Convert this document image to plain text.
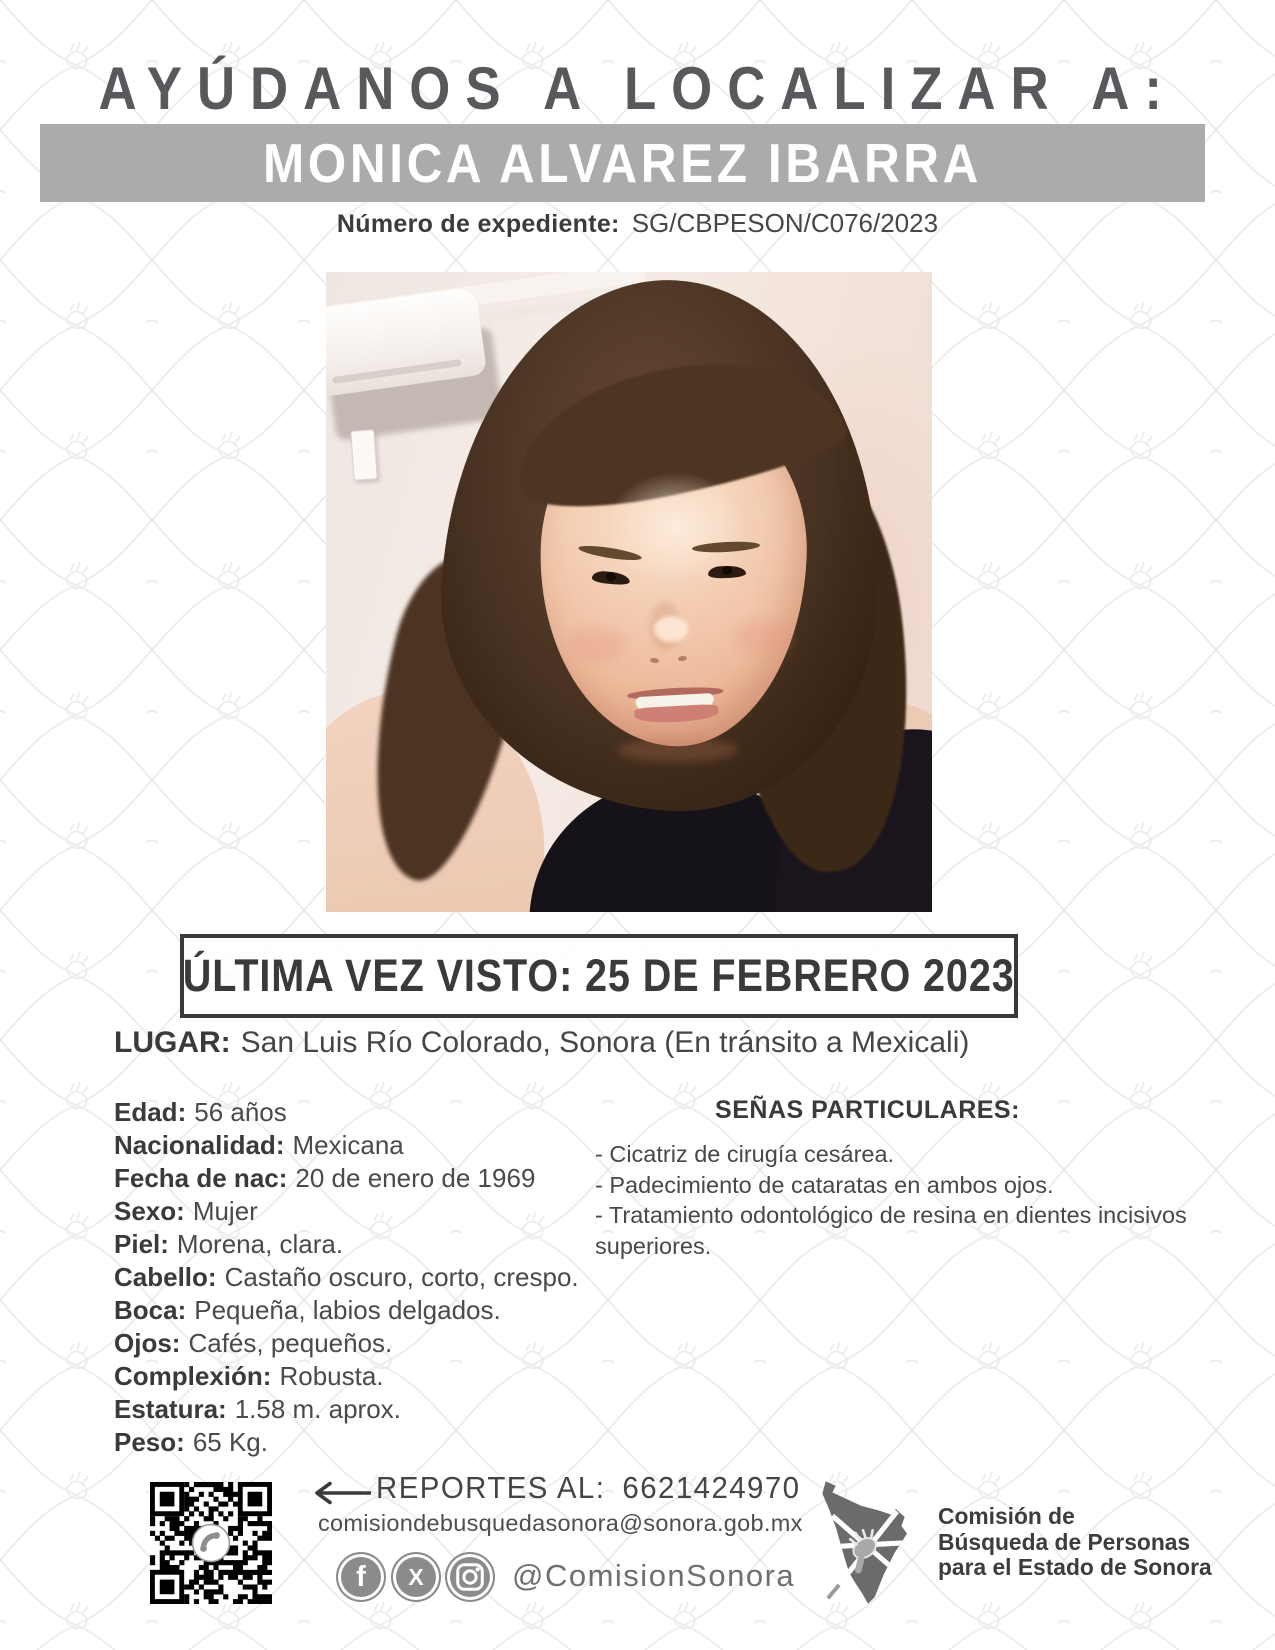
AYÚDANOS A LOCALIZAR A:
MONICA ALVAREZ IBARRA
Número de expediente: SG/CBPESON/C076/2023
ÚLTIMA VEZ VISTO: 25 DE FEBRERO 2023
LUGAR: San Luis Río Colorado, Sonora (En tránsito a Mexicali)
Edad: 56 años
Nacionalidad: Mexicana
Fecha de nac: 20 de enero de 1969
Sexo: Mujer
Piel: Morena, clara.
Cabello: Castaño oscuro, corto, crespo.
Boca: Pequeña, labios delgados.
Ojos: Cafés, pequeños.
Complexión: Robusta.
Estatura: 1.58 m. aprox.
Peso: 65 Kg.
SEÑAS PARTICULARES:
- Cicatriz de cirugía cesárea.
- Padecimiento de cataratas en ambos ojos.
- Tratamiento odontológico de resina en dientes incisivos superiores.
REPORTES AL: 6621424970
comisiondebusquedasonora@sonora.gob.mx
f X	@ComisionSonora
Comisión de
Búsqueda de Personas
para el Estado de Sonora
